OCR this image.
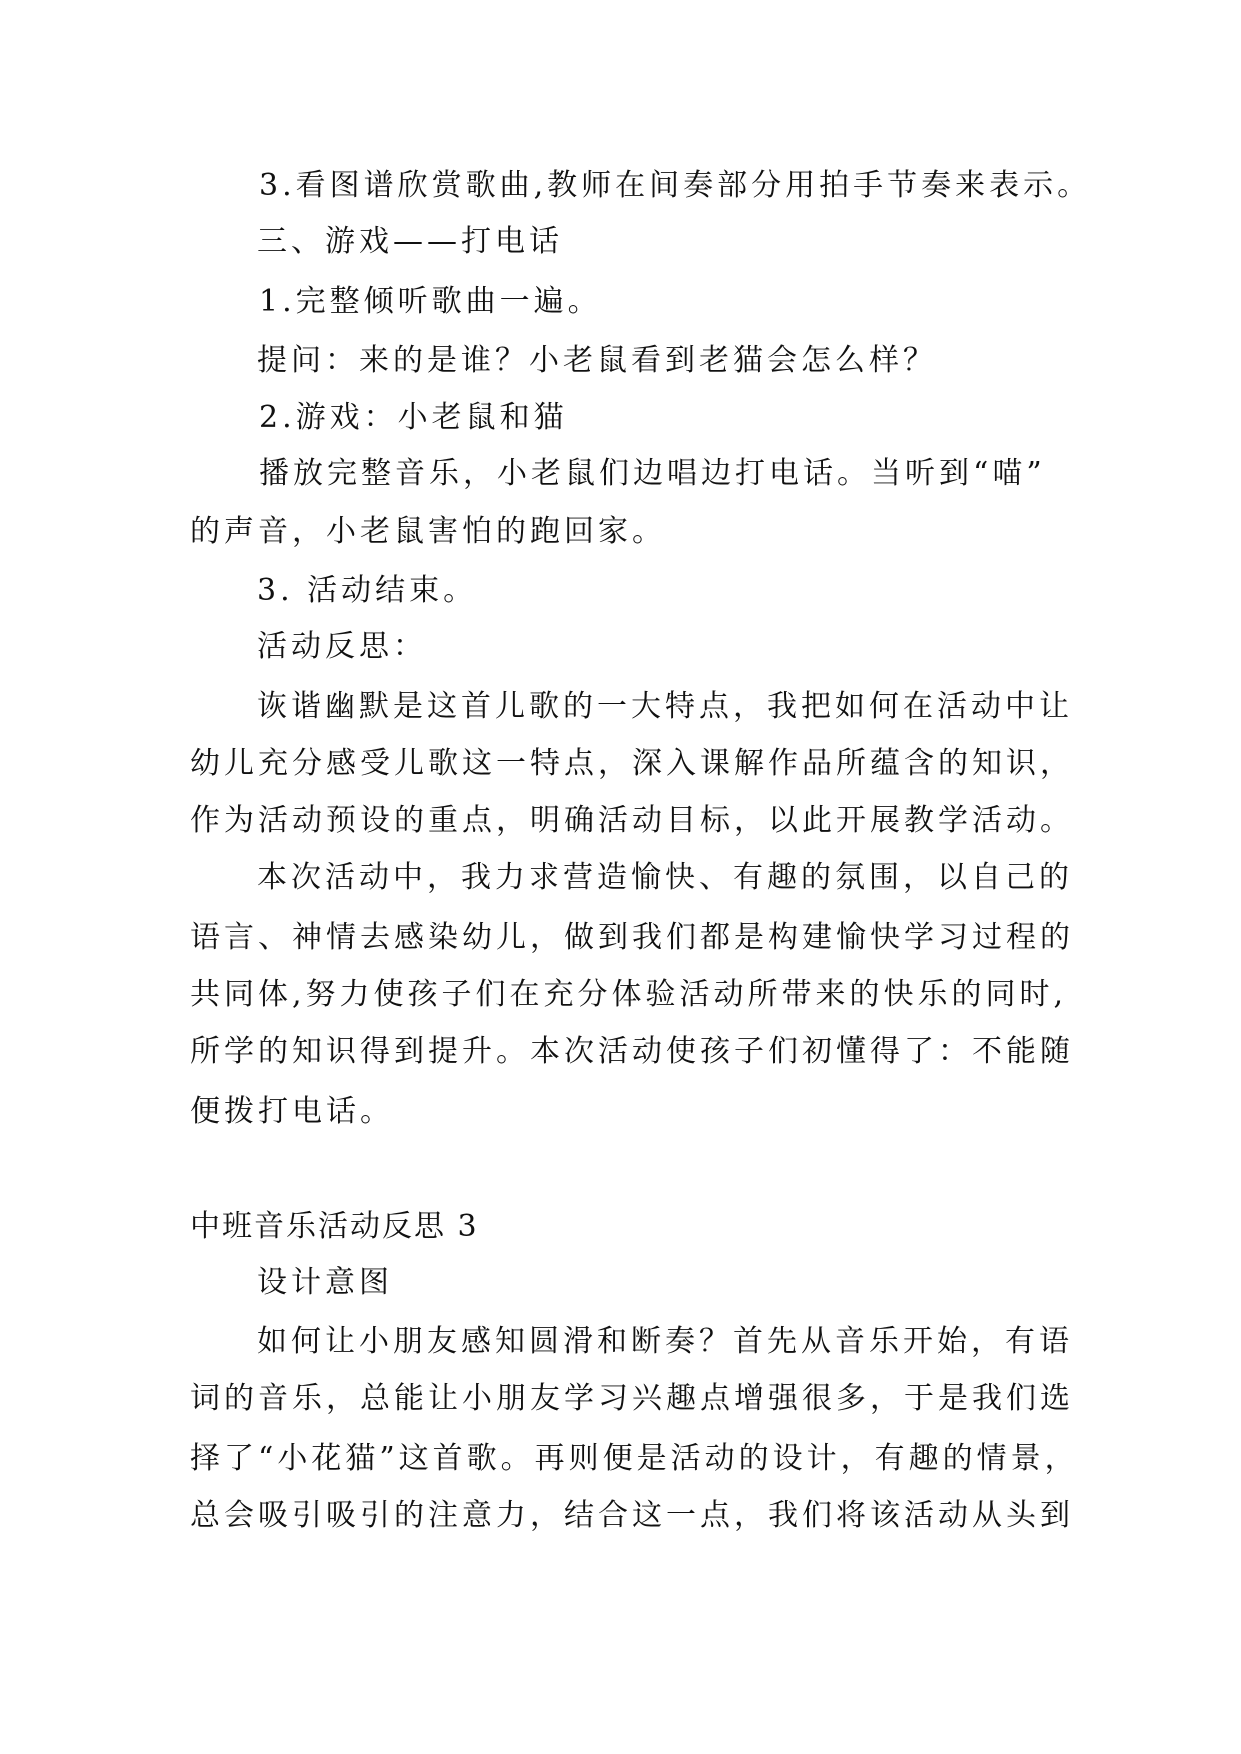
3.看图谱欣赏歌曲,教师在间奏部分用拍手节奏来表示。
三、游戏——打电话
1.完整倾听歌曲一遍。
提问：来的是谁？小老鼠看到老猫会怎么样？
2.游戏：小老鼠和猫
播放完整音乐，小老鼠们边唱边打电话。当听到“喵”
的声音，小老鼠害怕的跑回家。
3. 活动结束。
活动反思：
诙谐幽默是这首儿歌的一大特点，我把如何在活动中让
幼儿充分感受儿歌这一特点，深入课解作品所蕴含的知识，
作为活动预设的重点，明确活动目标，以此开展教学活动。
本次活动中，我力求营造愉快、有趣的氛围，以自己的
语言、神情去感染幼儿，做到我们都是构建愉快学习过程的
共同体,努力使孩子们在充分体验活动所带来的快乐的同时,
所学的知识得到提升。本次活动使孩子们初懂得了：不能随
便拨打电话。
中班音乐活动反思 3
设计意图
如何让小朋友感知圆滑和断奏？首先从音乐开始，有语
词的音乐，总能让小朋友学习兴趣点增强很多，于是我们选
择了“小花猫”这首歌。再则便是活动的设计，有趣的情景，
总会吸引吸引的注意力，结合这一点，我们将该活动从头到
